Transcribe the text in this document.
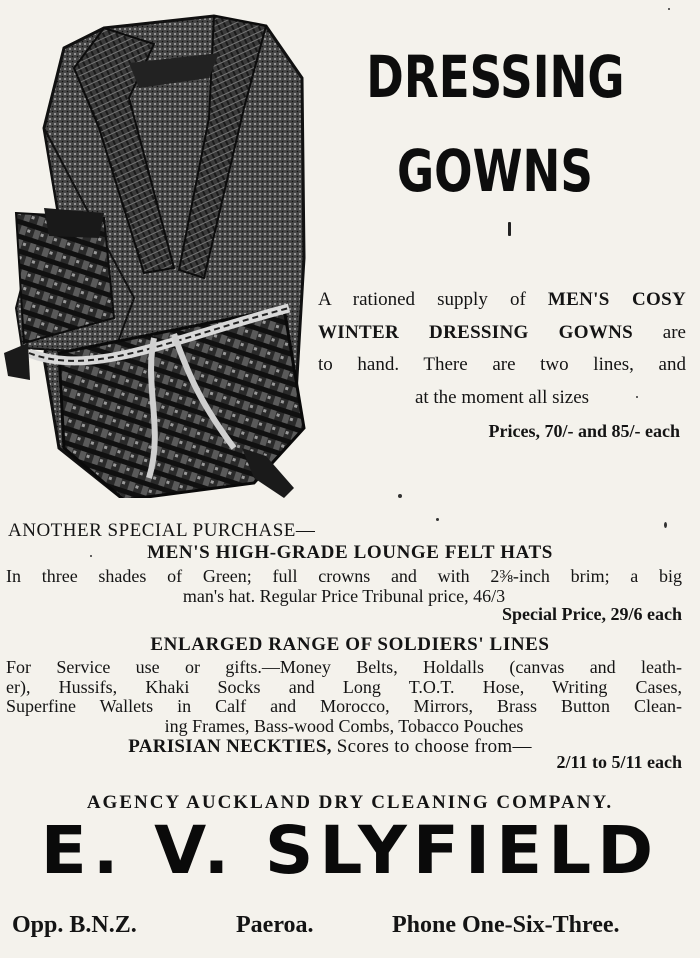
DRESSING
GOWNS
A rationed supply of MEN'S COSY
WINTER DRESSING GOWNS are
to hand. There are two lines, and
at the moment all sizes
Prices, 70/- and 85/- each
ANOTHER SPECIAL PURCHASE—
MEN'S HIGH-GRADE LOUNGE FELT HATS
In three shades of Green; full crowns and with 2⅜-inch brim; a big
man's hat. Regular Price Tribunal price, 46/3
Special Price, 29/6 each
ENLARGED RANGE OF SOLDIERS' LINES
For Service use or gifts.—Money Belts, Holdalls (canvas and leath-
er), Hussifs, Khaki Socks and Long T.O.T. Hose, Writing Cases,
Superfine Wallets in Calf and Morocco, Mirrors, Brass Button Clean-
ing Frames, Bass-wood Combs, Tobacco Pouches
PARISIAN NECKTIES, Scores to choose from—
2/11 to 5/11 each
AGENCY AUCKLAND DRY CLEANING COMPANY.
E. V. SLYFIELD
Opp. B.N.Z.	Paeroa.	Phone One-Six-Three.
